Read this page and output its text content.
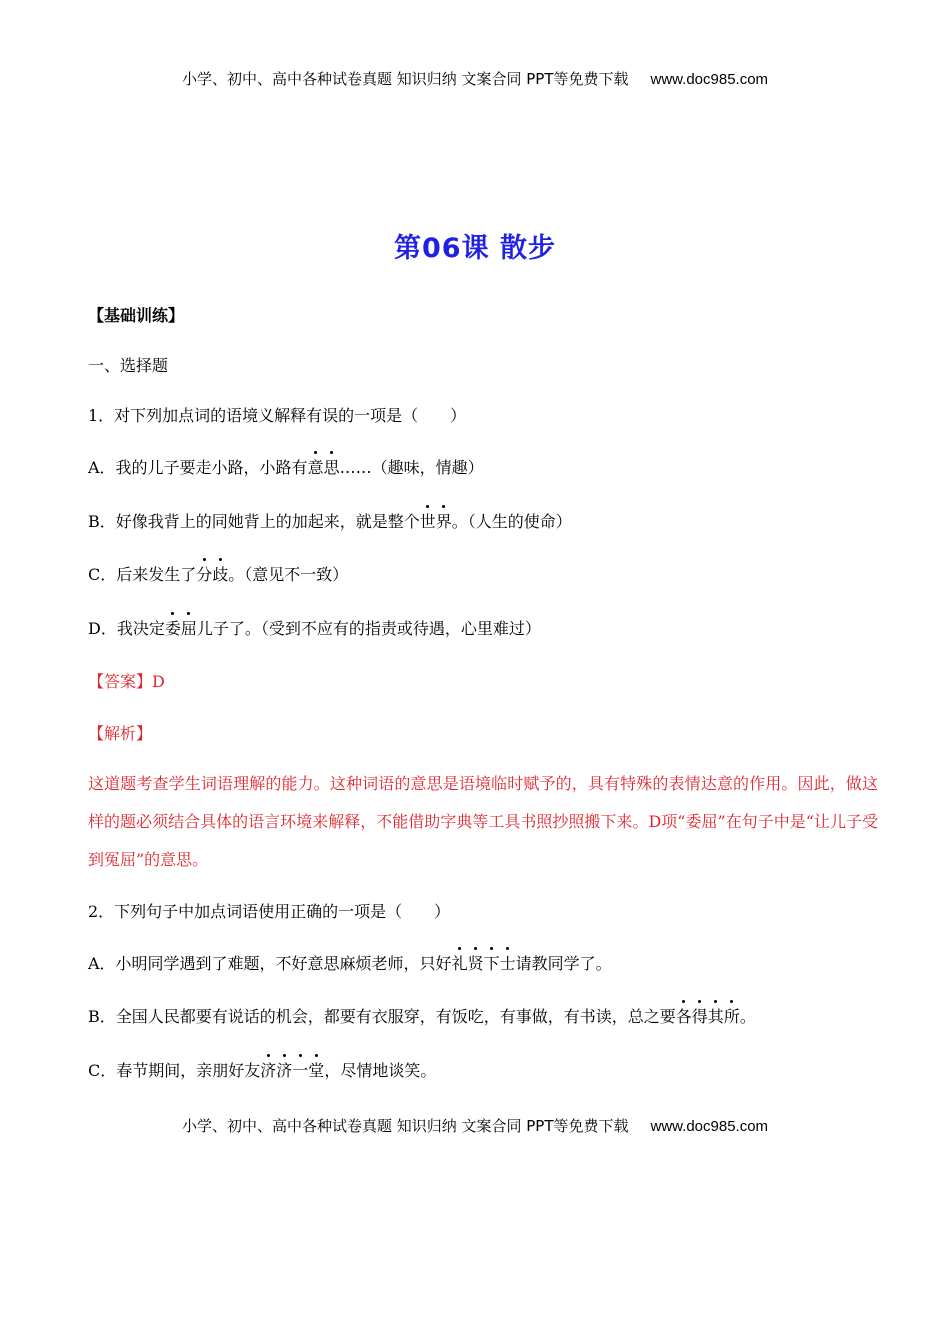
小学、初中、高中各种试卷真题 知识归纳 文案合同 PPT等免费下载 www.doc985.com
第06课 散步
【基础训练】
一、选择题
1．对下列加点词的语境义解释有误的一项是（　　）
A．我的儿子要走小路，小路有意思……（趣味，情趣）
B．好像我背上的同她背上的加起来，就是整个世界。（人生的使命）
C．后来发生了分歧。（意见不一致）
D．我决定委屈儿子了。（受到不应有的指责或待遇，心里难过）
【答案】D
【解析】
这道题考查学生词语理解的能力。这种词语的意思是语境临时赋予的，具有特殊的表情达意的作用。因此，做这样的题必须结合具体的语言环境来解释，不能借助字典等工具书照抄照搬下来。D项“委屈”在句子中是“让儿子受到冤屈”的意思。
2．下列句子中加点词语使用正确的一项是（　　）
A．小明同学遇到了难题，不好意思麻烦老师，只好礼贤下士请教同学了。
B．全国人民都要有说话的机会，都要有衣服穿，有饭吃，有事做，有书读，总之要各得其所。
C．春节期间，亲朋好友济济一堂，尽情地谈笑。
小学、初中、高中各种试卷真题 知识归纳 文案合同 PPT等免费下载 www.doc985.com
